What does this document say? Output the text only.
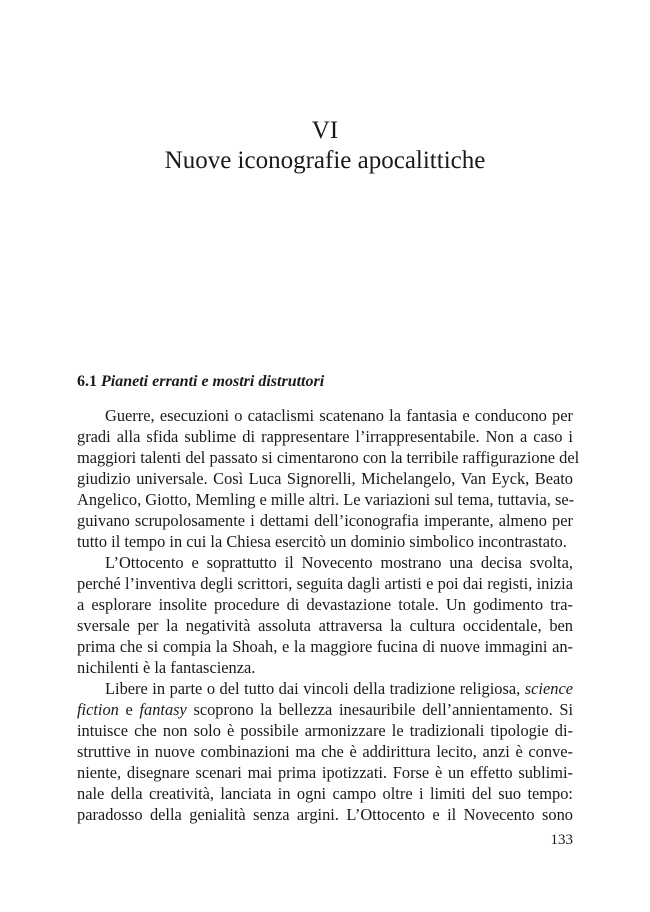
VI
Nuove iconografie apocalittiche
6.1 Pianeti erranti e mostri distruttori
Guerre, esecuzioni o cataclismi scatenano la fantasia e conducono per
gradi alla sfida sublime di rappresentare l’irrappresentabile. Non a caso i
maggiori talenti del passato si cimentarono con la terribile raffigurazione del
giudizio universale. Così Luca Signorelli, Michelangelo, Van Eyck, Beato
Angelico, Giotto, Memling e mille altri. Le variazioni sul tema, tuttavia, se-
guivano scrupolosamente i dettami dell’iconografia imperante, almeno per
tutto il tempo in cui la Chiesa esercitò un dominio simbolico incontrastato.
L’Ottocento e soprattutto il Novecento mostrano una decisa svolta,
perché l’inventiva degli scrittori, seguita dagli artisti e poi dai registi, inizia
a esplorare insolite procedure di devastazione totale. Un godimento tra-
sversale per la negatività assoluta attraversa la cultura occidentale, ben
prima che si compia la Shoah, e la maggiore fucina di nuove immagini an-
nichilenti è la fantascienza.
Libere in parte o del tutto dai vincoli della tradizione religiosa, science
fiction e fantasy scoprono la bellezza inesauribile dell’annientamento. Si
intuisce che non solo è possibile armonizzare le tradizionali tipologie di-
struttive in nuove combinazioni ma che è addirittura lecito, anzi è conve-
niente, disegnare scenari mai prima ipotizzati. Forse è un effetto sublimi-
nale della creatività, lanciata in ogni campo oltre i limiti del suo tempo:
paradosso della genialità senza argini. L’Ottocento e il Novecento sono
133
